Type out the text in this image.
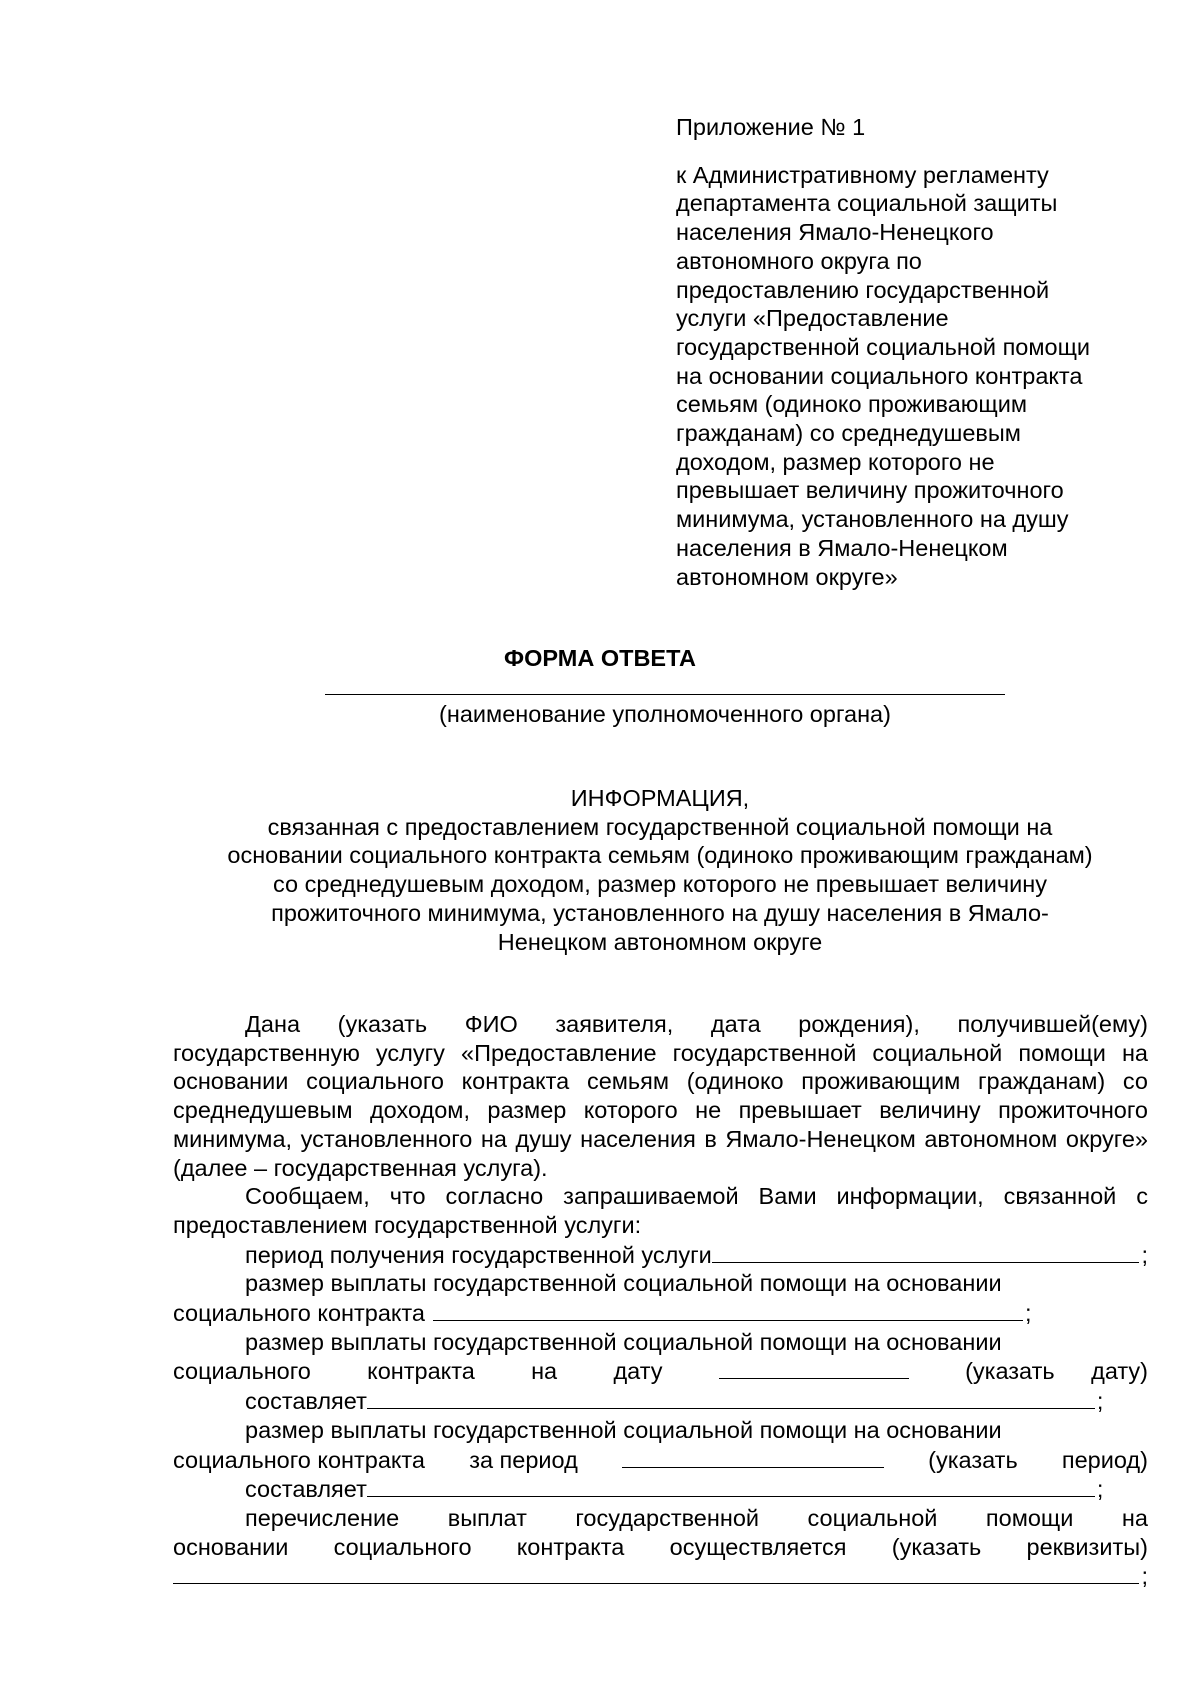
Приложение № 1

к Административному регламенту
департамента социальной защиты
населения Ямало-Ненецкого
автономного округа по
предоставлению государственной
услуги «Предоставление
государственной социальной помощи
на основании социального контракта
семьям (одиноко проживающим
гражданам) со среднедушевым
доходом, размер которого не
превышает величину прожиточного
минимума, установленного на душу
населения в Ямало-Ненецком
автономном округе»

ФОРМА ОТВЕТА

(наименование уполномоченного органа)

ИНФОРМАЦИЯ,

связанная с предоставлением государственной социальной помощи на

основании социального контракта семьям (одиноко проживающим гражданам)

со среднедушевым доходом, размер которого не превышает величину

прожиточного минимума, установленного на душу населения в Ямало-

Ненецком автономном округе

Дана (указать ФИО заявителя, дата рождения), получившей(ему) государственную услугу «Предоставление государственной социальной помощи на основании социального контракта семьям (одиноко проживающим гражданам) со среднедушевым доходом, размер которого не превышает величину прожиточного минимума, установленного на душу населения в Ямало-Ненецком автономном округе» (далее – государственная услуга).

Сообщаем, что согласно запрашиваемой Вами информации, связанной с предоставлением государственной услуги:

период получения государственной услуги	;
размер выплаты государственной социальной помощи на основании
социального контракта	;
размер выплаты государственной социальной помощи на основании
социального контракта на дату	(указать дату)
составляет	;
размер выплаты государственной социальной помощи на основании
социального контракта за период	(указать период)
составляет	;
перечисление выплат государственной социальной помощи на
основании социального контракта осуществляется (указать реквизиты)
;
